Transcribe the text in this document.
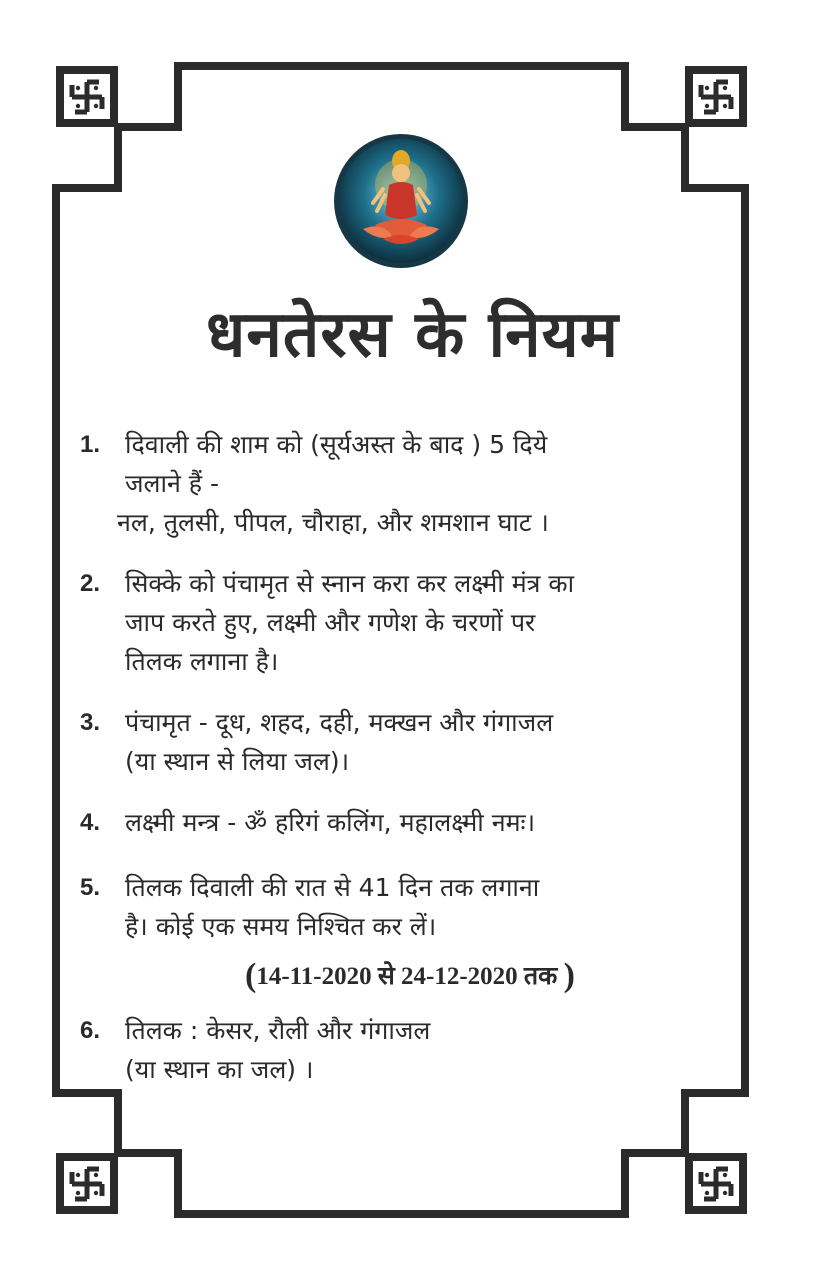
धनतेरस के नियम
1. दिवाली की शाम को (सूर्यअस्त के बाद ) 5 दिये
जलाने हैं -
नल, तुलसी, पीपल, चौराहा, और शमशान घाट ।
2. सिक्के को पंचामृत से स्नान करा कर लक्ष्मी मंत्र का
जाप करते हुए, लक्ष्मी और गणेश के चरणों पर
तिलक लगाना है।
3. पंचामृत - दूध, शहद, दही, मक्खन और गंगाजल
(या स्थान से लिया जल)।
4. लक्ष्मी मन्त्र - ॐ हरिगं कलिंग, महालक्ष्मी नमः।
5. तिलक दिवाली की रात से 41 दिन तक लगाना
है। कोई एक समय निश्चित कर लें।
(14-11-2020 से 24-12-2020 तक )
6. तिलक : केसर, रौली और गंगाजल
(या स्थान का जल) ।
